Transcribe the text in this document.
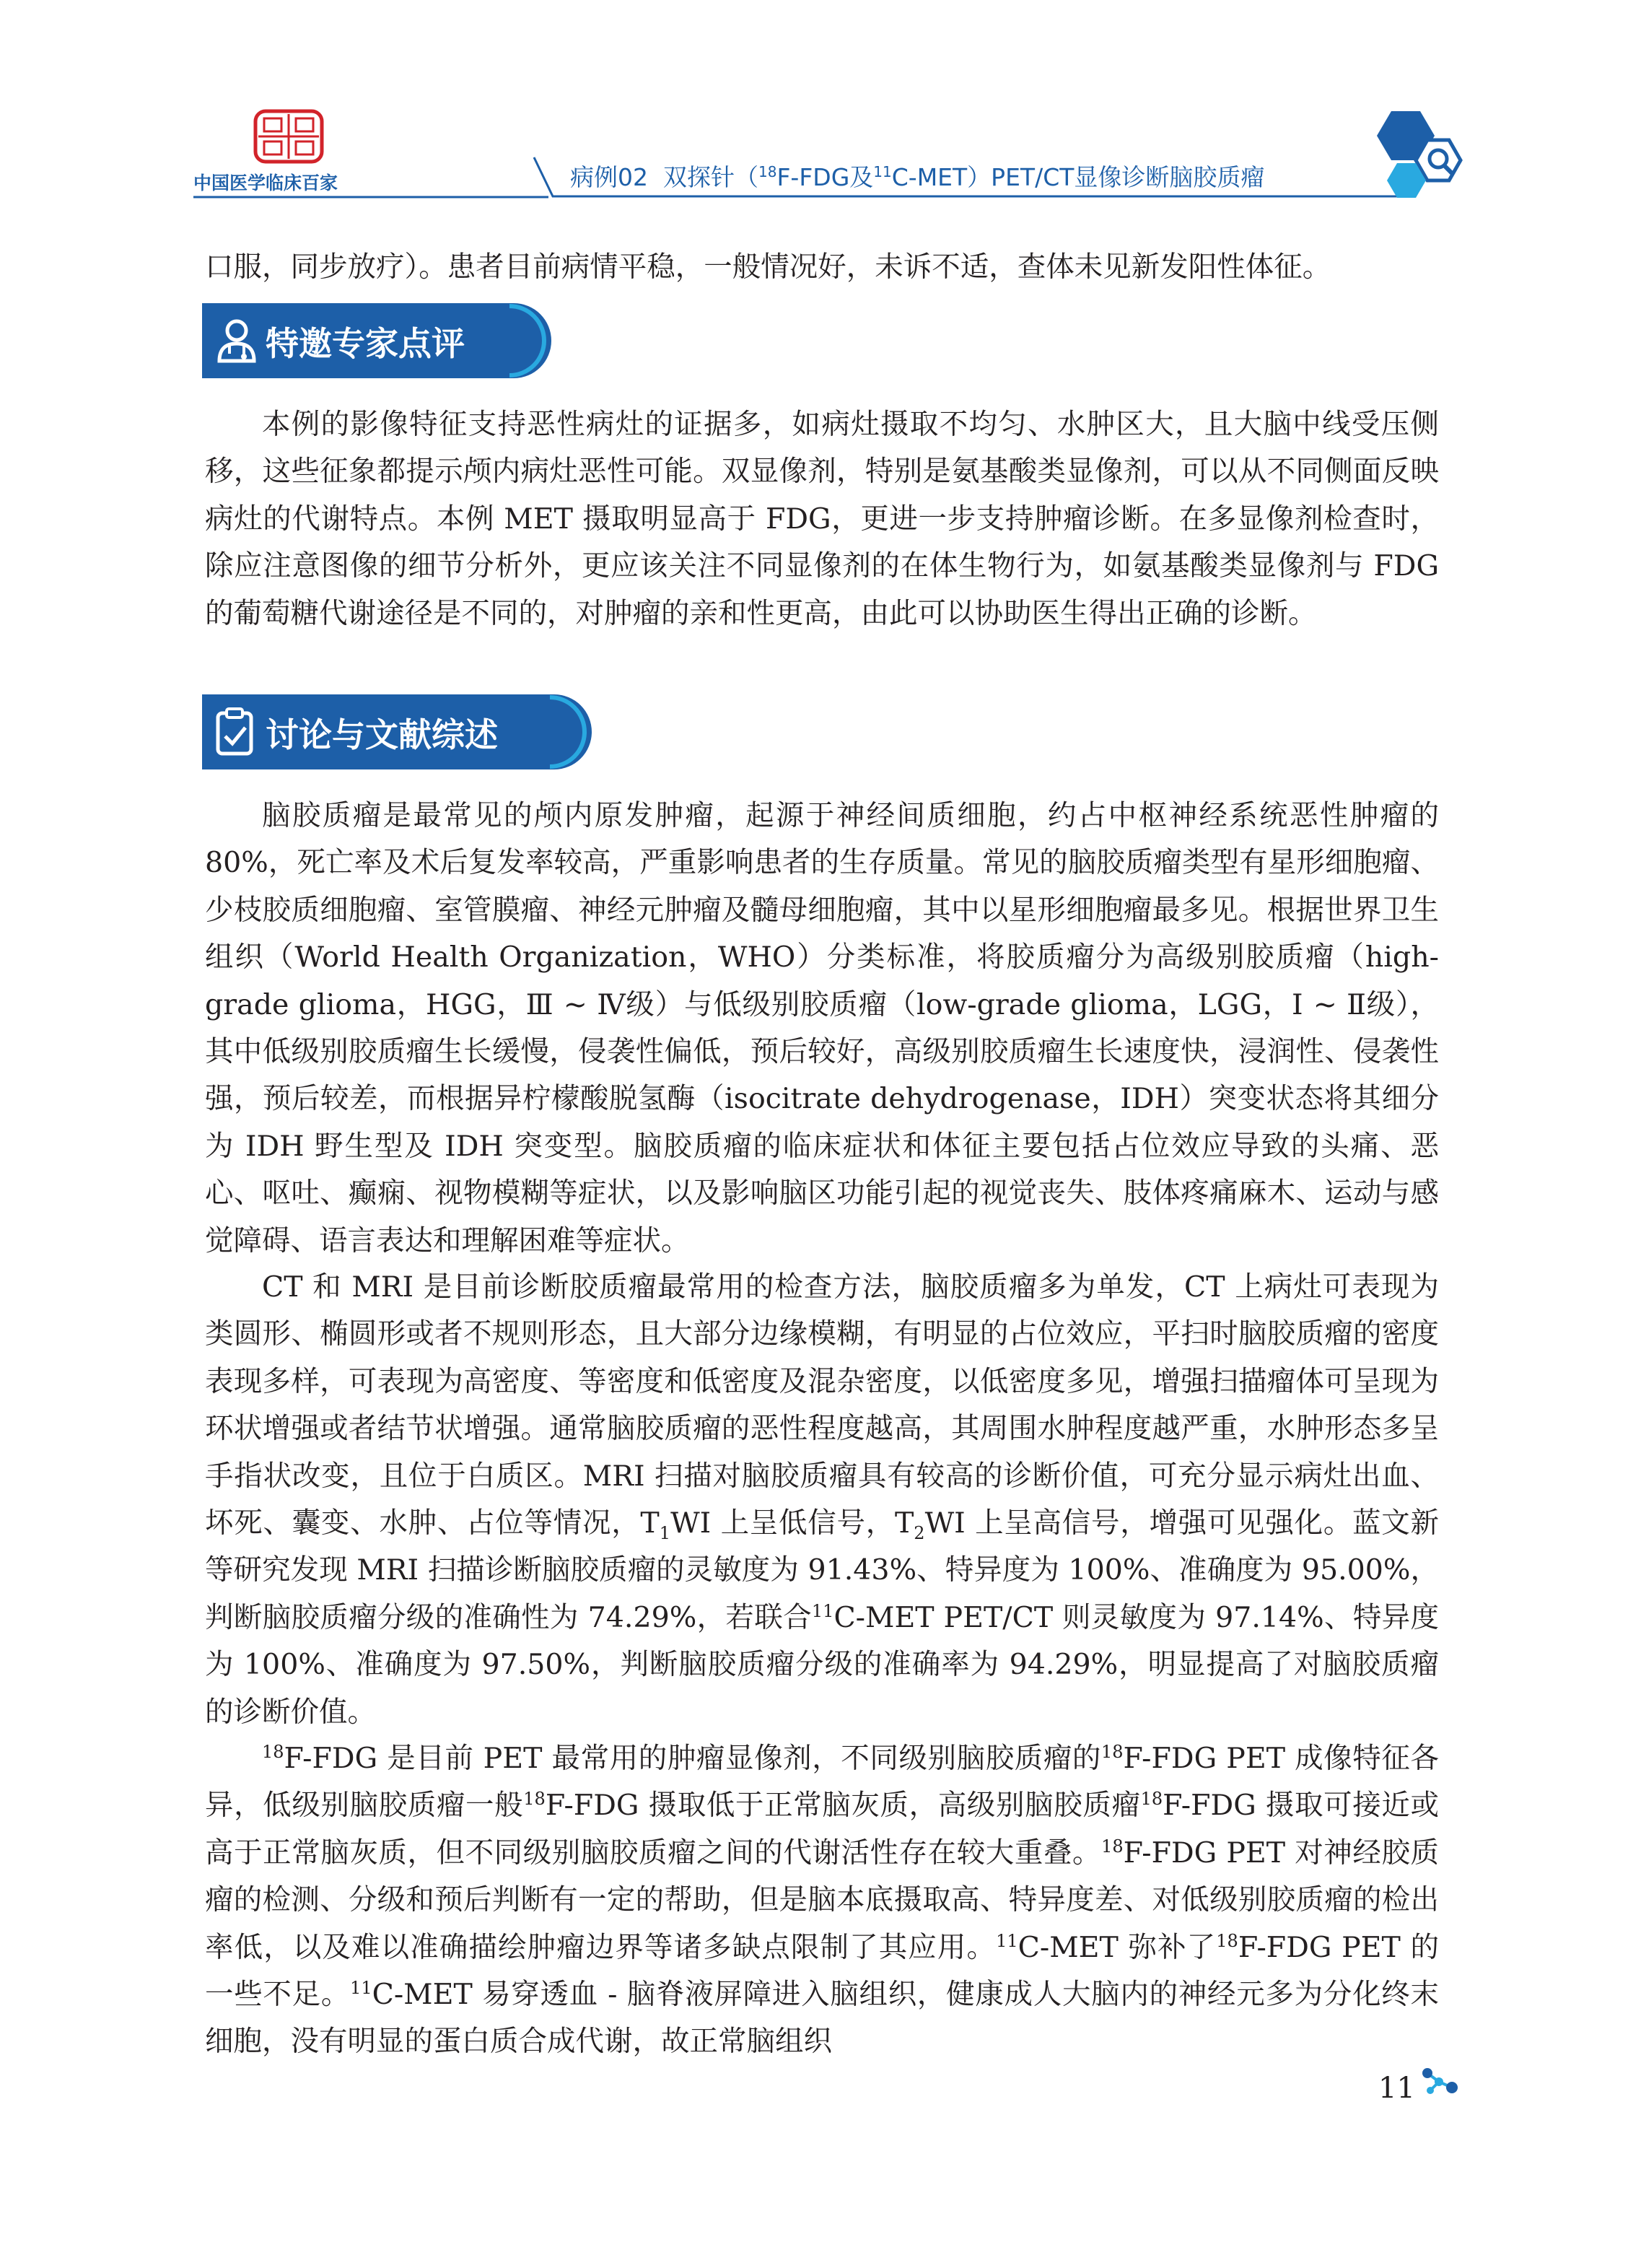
中国医学临床百家	病例02 双探针（$^{18}$F-FDG及$^{11}$C-MET）PET/CT显像诊断脑胶质瘤

口服，同步放疗）。患者目前病情平稳，一般情况好，未诉不适，查体未见新发阳性体征。

特邀专家点评

本例的影像特征支持恶性病灶的证据多，如病灶摄取不均匀、水肿区大，且大脑中线受压侧移，这些征象都提示颅内病灶恶性可能。双显像剂，特别是氨基酸类显像剂，可以从不同侧面反映病灶的代谢特点。本例 MET 摄取明显高于 FDG，更进一步支持肿瘤诊断。在多显像剂检查时，除应注意图像的细节分析外，更应该关注不同显像剂的在体生物行为，如氨基酸类显像剂与 FDG 的葡萄糖代谢途径是不同的，对肿瘤的亲和性更高，由此可以协助医生得出正确的诊断。

讨论与文献综述

脑胶质瘤是最常见的颅内原发肿瘤，起源于神经间质细胞，约占中枢神经系统恶性肿瘤的 80%，死亡率及术后复发率较高，严重影响患者的生存质量。常见的脑胶质瘤类型有星形细胞瘤、少枝胶质细胞瘤、室管膜瘤、神经元肿瘤及髓母细胞瘤，其中以星形细胞瘤最多见。根据世界卫生组织（World Health Organization，WHO）分类标准，将胶质瘤分为高级别胶质瘤（high-grade glioma，HGG，Ⅲ ~ Ⅳ级）与低级别胶质瘤（low-grade glioma，LGG，Ⅰ ~ Ⅱ级），其中低级别胶质瘤生长缓慢，侵袭性偏低，预后较好，高级别胶质瘤生长速度快，浸润性、侵袭性强，预后较差，而根据异柠檬酸脱氢酶（isocitrate dehydrogenase，IDH）突变状态将其细分为 IDH 野生型及 IDH 突变型。脑胶质瘤的临床症状和体征主要包括占位效应导致的头痛、恶心、呕吐、癫痫、视物模糊等症状，以及影响脑区功能引起的视觉丧失、肢体疼痛麻木、运动与感觉障碍、语言表达和理解困难等症状。

CT 和 MRI 是目前诊断胶质瘤最常用的检查方法，脑胶质瘤多为单发，CT 上病灶可表现为类圆形、椭圆形或者不规则形态，且大部分边缘模糊，有明显的占位效应，平扫时脑胶质瘤的密度表现多样，可表现为高密度、等密度和低密度及混杂密度，以低密度多见，增强扫描瘤体可呈现为环状增强或者结节状增强。通常脑胶质瘤的恶性程度越高，其周围水肿程度越严重，水肿形态多呈手指状改变，且位于白质区。MRI 扫描对脑胶质瘤具有较高的诊断价值，可充分显示病灶出血、坏死、囊变、水肿、占位等情况，$T_1WI$ 上呈低信号，$T_2WI$ 上呈高信号，增强可见强化。蓝文新等研究发现 MRI 扫描诊断脑胶质瘤的灵敏度为 91.43%、特异度为 100%、准确度为 95.00%，判断脑胶质瘤分级的准确性为 74.29%，若联合$^{11}$C-MET PET/CT 则灵敏度为 97.14%、特异度为 100%、准确度为 97.50%，判断脑胶质瘤分级的准确率为 94.29%，明显提高了对脑胶质瘤的诊断价值。

$^{18}$F-FDG 是目前 PET 最常用的肿瘤显像剂，不同级别脑胶质瘤的$^{18}$F-FDG PET 成像特征各异，低级别脑胶质瘤一般$^{18}$F-FDG 摄取低于正常脑灰质，高级别脑胶质瘤$^{18}$F-FDG 摄取可接近或高于正常脑灰质，但不同级别脑胶质瘤之间的代谢活性存在较大重叠。$^{18}$F-FDG PET 对神经胶质瘤的检测、分级和预后判断有一定的帮助，但是脑本底摄取高、特异度差、对低级别胶质瘤的检出率低，以及难以准确描绘肿瘤边界等诸多缺点限制了其应用。$^{11}$C-MET 弥补了$^{18}$F-FDG PET 的一些不足。$^{11}$C-MET 易穿透血 - 脑脊液屏障进入脑组织，健康成人大脑内的神经元多为分化终末细胞，没有明显的蛋白质合成代谢，故正常脑组织

11
